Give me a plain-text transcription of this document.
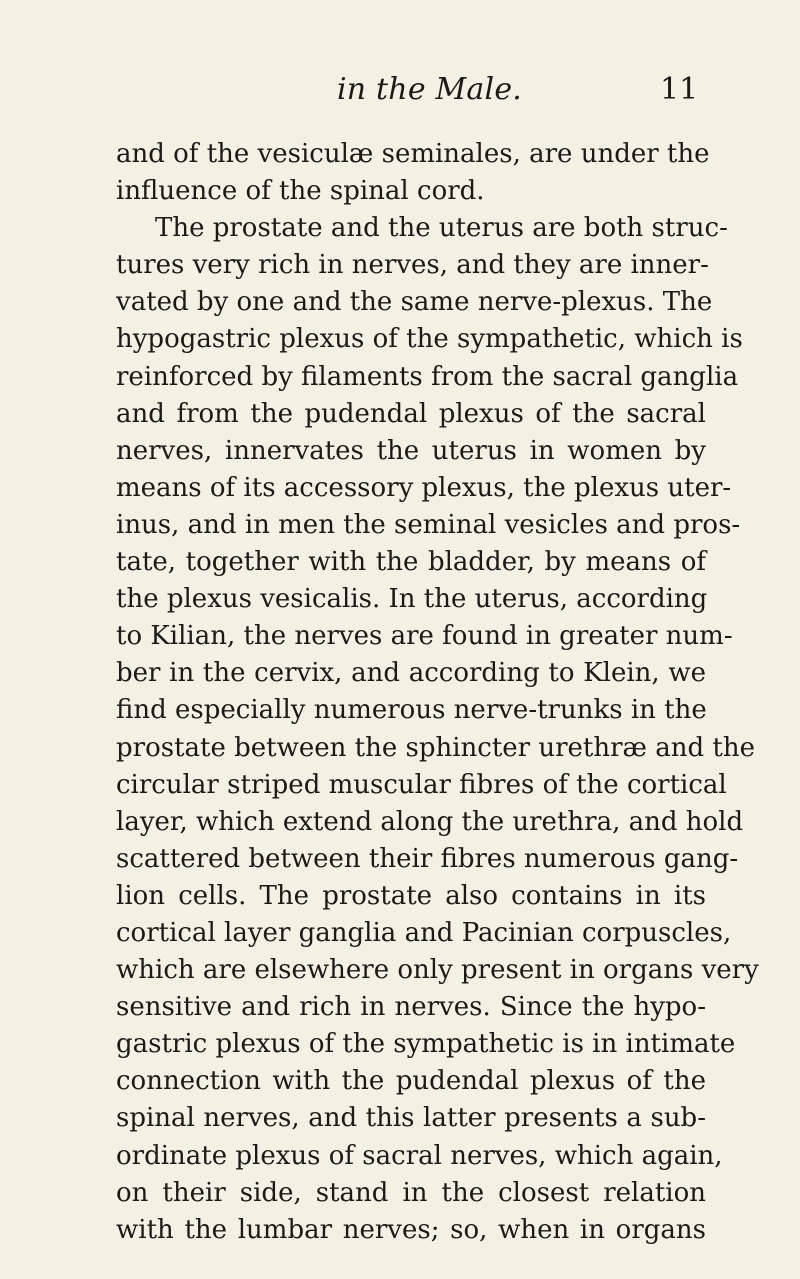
in the Male.	11
and of the vesiculæ seminales, are under the
influence of the spinal cord.
The prostate and the uterus are both struc-
tures very rich in nerves, and they are inner-
vated by one and the same nerve-plexus. The
hypogastric plexus of the sympathetic, which is
reinforced by filaments from the sacral ganglia
and from the pudendal plexus of the sacral
nerves, innervates the uterus in women by
means of its accessory plexus, the plexus uter-
inus, and in men the seminal vesicles and pros-
tate, together with the bladder, by means of
the plexus vesicalis. In the uterus, according
to Kilian, the nerves are found in greater num-
ber in the cervix, and according to Klein, we
find especially numerous nerve-trunks in the
prostate between the sphincter urethræ and the
circular striped muscular fibres of the cortical
layer, which extend along the urethra, and hold
scattered between their fibres numerous gang-
lion cells. The prostate also contains in its
cortical layer ganglia and Pacinian corpuscles,
which are elsewhere only present in organs very
sensitive and rich in nerves. Since the hypo-
gastric plexus of the sympathetic is in intimate
connection with the pudendal plexus of the
spinal nerves, and this latter presents a sub-
ordinate plexus of sacral nerves, which again,
on their side, stand in the closest relation
with the lumbar nerves; so, when in organs
